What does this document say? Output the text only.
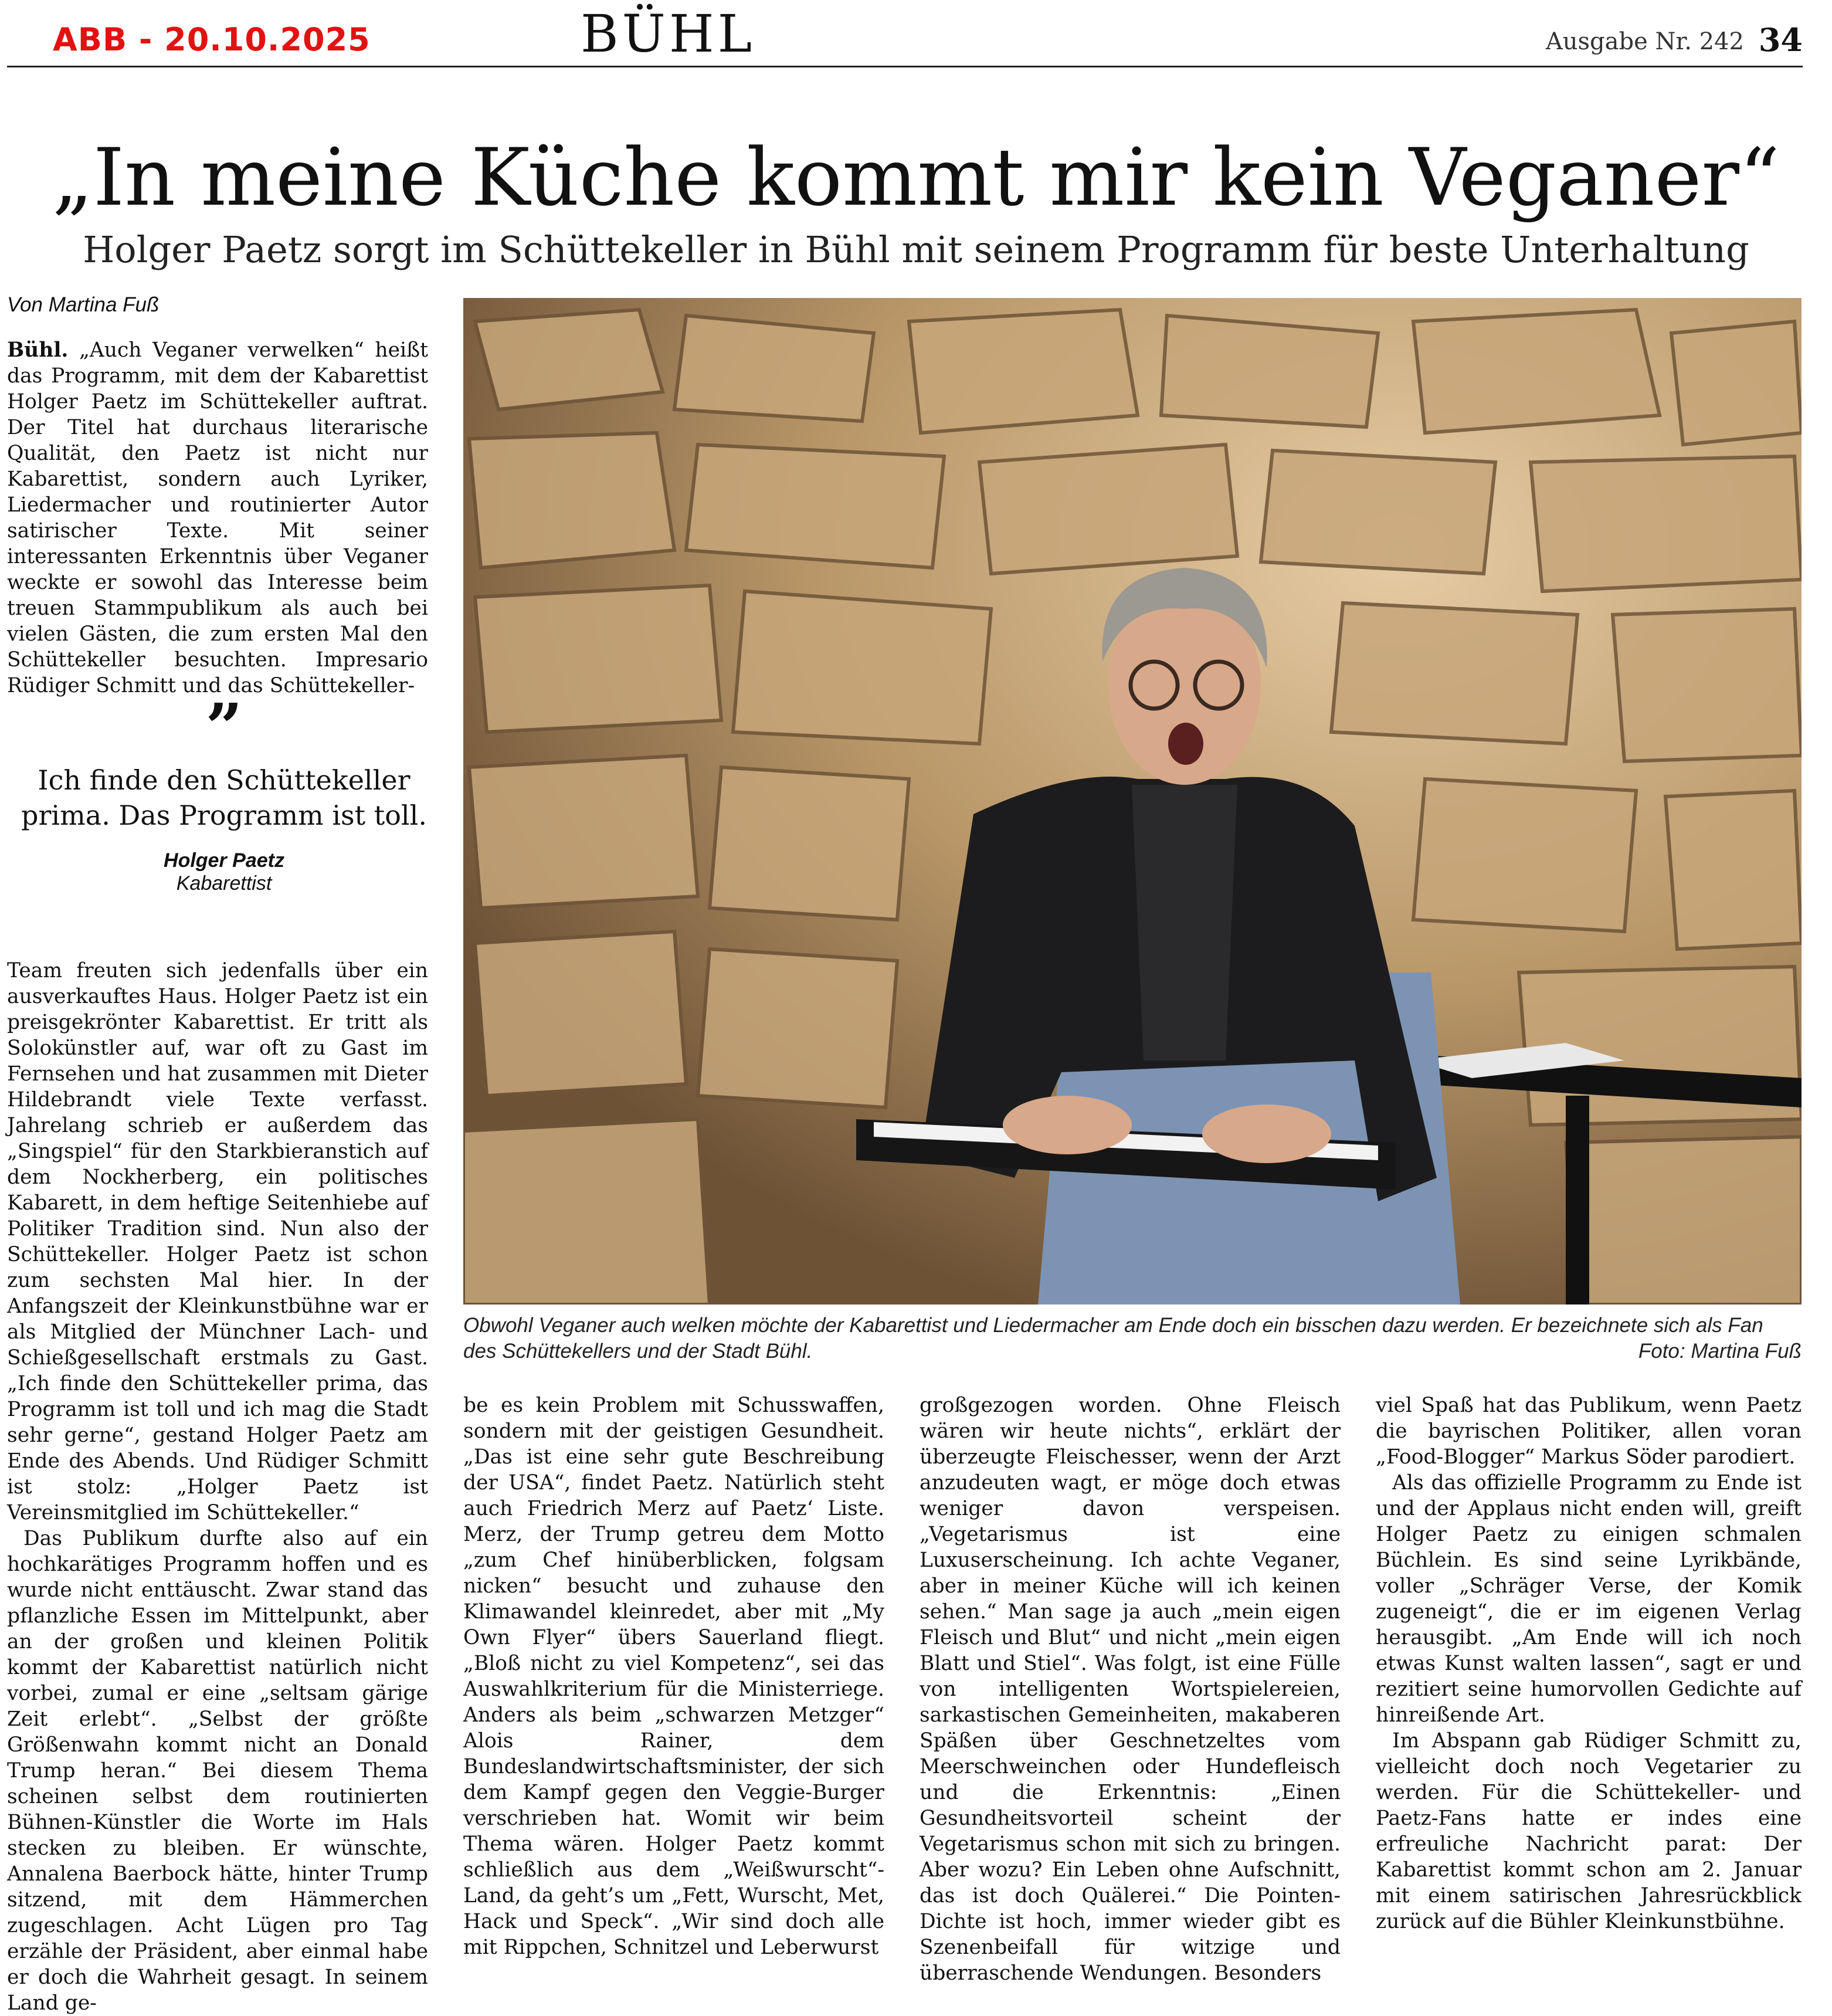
ABB - 20.10.2025	BÜHL	Ausgabe Nr. 242 34
„In meine Küche kommt mir kein Veganer“
Holger Paetz sorgt im Schüttekeller in Bühl mit seinem Programm für beste Unterhaltung
Von Martina Fuß
Obwohl Veganer auch welken möchte der Kabarettist und Liedermacher am Ende doch ein bisschen dazu werden. Er bezeichnete sich als Fan des Schüttekellers und der Stadt Bühl.	Foto: Martina Fuß

Bühl. „Auch Veganer verwelken“ heißt das Programm, mit dem der Kabarettist Holger Paetz im Schüttekeller auftrat. Der Titel hat durchaus literarische Qualität, den Paetz ist nicht nur Kabarettist, sondern auch Lyriker, Liedermacher und routinierter Autor satirischer Texte. Mit seiner interessanten Erkenntnis über Veganer weckte er sowohl das Interesse beim treuen Stammpublikum als auch bei vielen Gästen, die zum ersten Mal den Schüttekeller besuchten. Impresario Rüdiger Schmitt und das Schüttekeller-

”
Ich finde den Schüttekeller prima. Das Programm ist toll.
Holger Paetz
Kabarettist

Team freuten sich jedenfalls über ein ausverkauftes Haus. Holger Paetz ist ein preisgekrönter Kabarettist. Er tritt als Solokünstler auf, war oft zu Gast im Fernsehen und hat zusammen mit Dieter Hildebrandt viele Texte verfasst. Jahrelang schrieb er außerdem das „Singspiel“ für den Starkbieranstich auf dem Nockherberg, ein politisches Kabarett, in dem heftige Seitenhiebe auf Politiker Tradition sind. Nun also der Schüttekeller. Holger Paetz ist schon zum sechsten Mal hier. In der Anfangszeit der Kleinkunstbühne war er als Mitglied der Münchner Lach- und Schießgesellschaft erstmals zu Gast. „Ich finde den Schüttekeller prima, das Programm ist toll und ich mag die Stadt sehr gerne“, gestand Holger Paetz am Ende des Abends. Und Rüdiger Schmitt ist stolz: „Holger Paetz ist Vereinsmitglied im Schüttekeller.“

Das Publikum durfte also auf ein hochkarätiges Programm hoffen und es wurde nicht enttäuscht. Zwar stand das pflanzliche Essen im Mittelpunkt, aber an der großen und kleinen Politik kommt der Kabarettist natürlich nicht vorbei, zumal er eine „seltsam gärige Zeit erlebt“. „Selbst der größte Größenwahn kommt nicht an Donald Trump heran.“ Bei diesem Thema scheinen selbst dem routinierten Bühnen-Künstler die Worte im Hals stecken zu bleiben. Er wünschte, Annalena Baerbock hätte, hinter Trump sitzend, mit dem Hämmerchen zugeschlagen. Acht Lügen pro Tag erzähle der Präsident, aber einmal habe er doch die Wahrheit gesagt. In seinem Land ge-

be es kein Problem mit Schusswaffen, sondern mit der geistigen Gesundheit. „Das ist eine sehr gute Beschreibung der USA“, findet Paetz. Natürlich steht auch Friedrich Merz auf Paetz‘ Liste. Merz, der Trump getreu dem Motto „zum Chef hinüberblicken, folgsam nicken“ besucht und zuhause den Klimawandel kleinredet, aber mit „My Own Flyer“ übers Sauerland fliegt. „Bloß nicht zu viel Kompetenz“, sei das Auswahlkriterium für die Ministerriege. Anders als beim „schwarzen Metzger“ Alois Rainer, dem Bundeslandwirtschaftsminister, der sich dem Kampf gegen den Veggie-Burger verschrieben hat. Womit wir beim Thema wären. Holger Paetz kommt schließlich aus dem „Weißwurscht“-Land, da geht’s um „Fett, Wurscht, Met, Hack und Speck“. „Wir sind doch alle mit Rippchen, Schnitzel und Leberwurst

großgezogen worden. Ohne Fleisch wären wir heute nichts“, erklärt der überzeugte Fleischesser, wenn der Arzt anzudeuten wagt, er möge doch etwas weniger davon verspeisen. „Vegetarismus ist eine Luxuserscheinung. Ich achte Veganer, aber in meiner Küche will ich keinen sehen.“ Man sage ja auch „mein eigen Fleisch und Blut“ und nicht „mein eigen Blatt und Stiel“. Was folgt, ist eine Fülle von intelligenten Wortspielereien, sarkastischen Gemeinheiten, makaberen Späßen über Geschnetzeltes vom Meerschweinchen oder Hundefleisch und die Erkenntnis: „Einen Gesundheitsvorteil scheint der Vegetarismus schon mit sich zu bringen. Aber wozu? Ein Leben ohne Aufschnitt, das ist doch Quälerei.“ Die Pointen-Dichte ist hoch, immer wieder gibt es Szenenbeifall für witzige und überraschende Wendungen. Besonders

viel Spaß hat das Publikum, wenn Paetz die bayrischen Politiker, allen voran „Food-Blogger“ Markus Söder parodiert.

Als das offizielle Programm zu Ende ist und der Applaus nicht enden will, greift Holger Paetz zu einigen schmalen Büchlein. Es sind seine Lyrikbände, voller „Schräger Verse, der Komik zugeneigt“, die er im eigenen Verlag herausgibt. „Am Ende will ich noch etwas Kunst walten lassen“, sagt er und rezitiert seine humorvollen Gedichte auf hinreißende Art.

Im Abspann gab Rüdiger Schmitt zu, vielleicht doch noch Vegetarier zu werden. Für die Schüttekeller- und Paetz-Fans hatte er indes eine erfreuliche Nachricht parat: Der Kabarettist kommt schon am 2. Januar mit einem satirischen Jahresrückblick zurück auf die Bühler Kleinkunstbühne.
